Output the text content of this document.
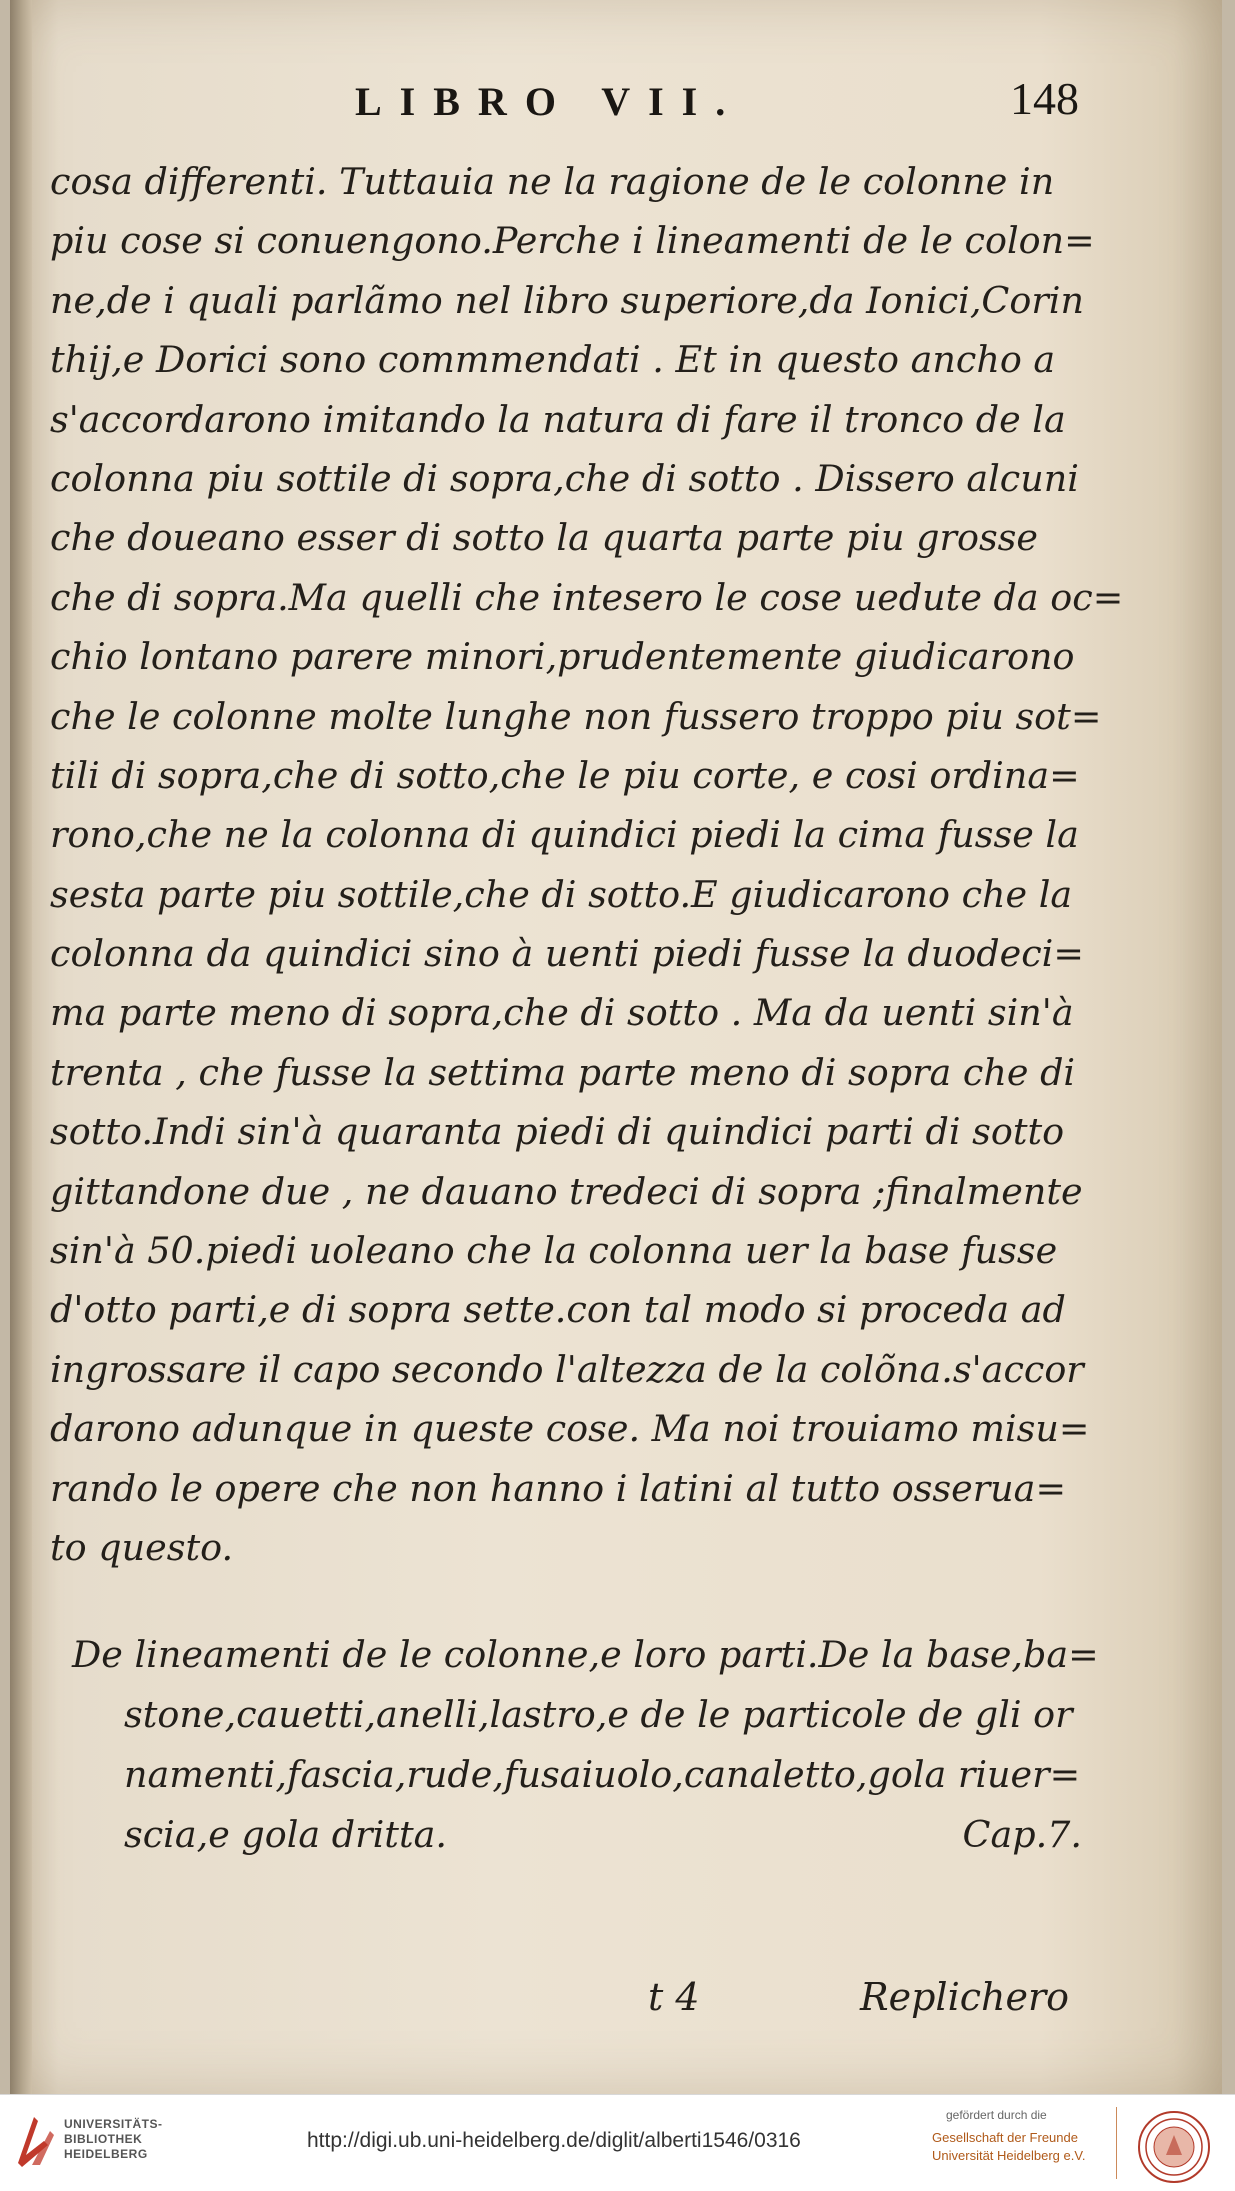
LIBRO VII.	148
cosa differenti. Tuttauia ne la ragione de le colonne in
piu cose si conuengono.Perche i lineamenti de le colon=
ne,de i quali parlãmo nel libro superiore,da Ionici,Corin
thij,e Dorici sono commmendati . Et in questo ancho a
s'accordarono imitando la natura di fare il tronco de la
colonna piu sottile di sopra,che di sotto . Dissero alcuni
che doueano esser di sotto la quarta parte piu grosse
che di sopra.Ma quelli che intesero le cose uedute da oc=
chio lontano parere minori,prudentemente giudicarono
che le colonne molte lunghe non fussero troppo piu sot=
tili di sopra,che di sotto,che le piu corte, e cosi ordina=
rono,che ne la colonna di quindici piedi la cima fusse la
sesta parte piu sottile,che di sotto.E giudicarono che la
colonna da quindici sino à uenti piedi fusse la duodeci=
ma parte meno di sopra,che di sotto . Ma da uenti sin'à
trenta , che fusse la settima parte meno di sopra che di
sotto.Indi sin'à quaranta piedi di quindici parti di sotto
gittandone due , ne dauano tredeci di sopra ;finalmente
sin'à 50.piedi uoleano che la colonna uer la base fusse
d'otto parti,e di sopra sette.con tal modo si proceda ad
ingrossare il capo secondo l'altezza de la colõna.s'accor
darono adunque in queste cose. Ma noi trouiamo misu=
rando le opere che non hanno i latini al tutto osserua=
to questo.
Cap.7.
De lineamenti de le colonne,e loro parti.De la base,ba=
stone,cauetti,anelli,lastro,e de le particole de gli or
namenti,fascia,rude,fusaiuolo,canaletto,gola riuer=
scia,e gola dritta.
t 4	Replichero
UNIVERSITÄTS-
BIBLIOTHEK
HEIDELBERG
http://digi.ub.uni-heidelberg.de/diglit/alberti1546/0316
gefördert durch die
Gesellschaft der Freunde
Universität Heidelberg e.V.
